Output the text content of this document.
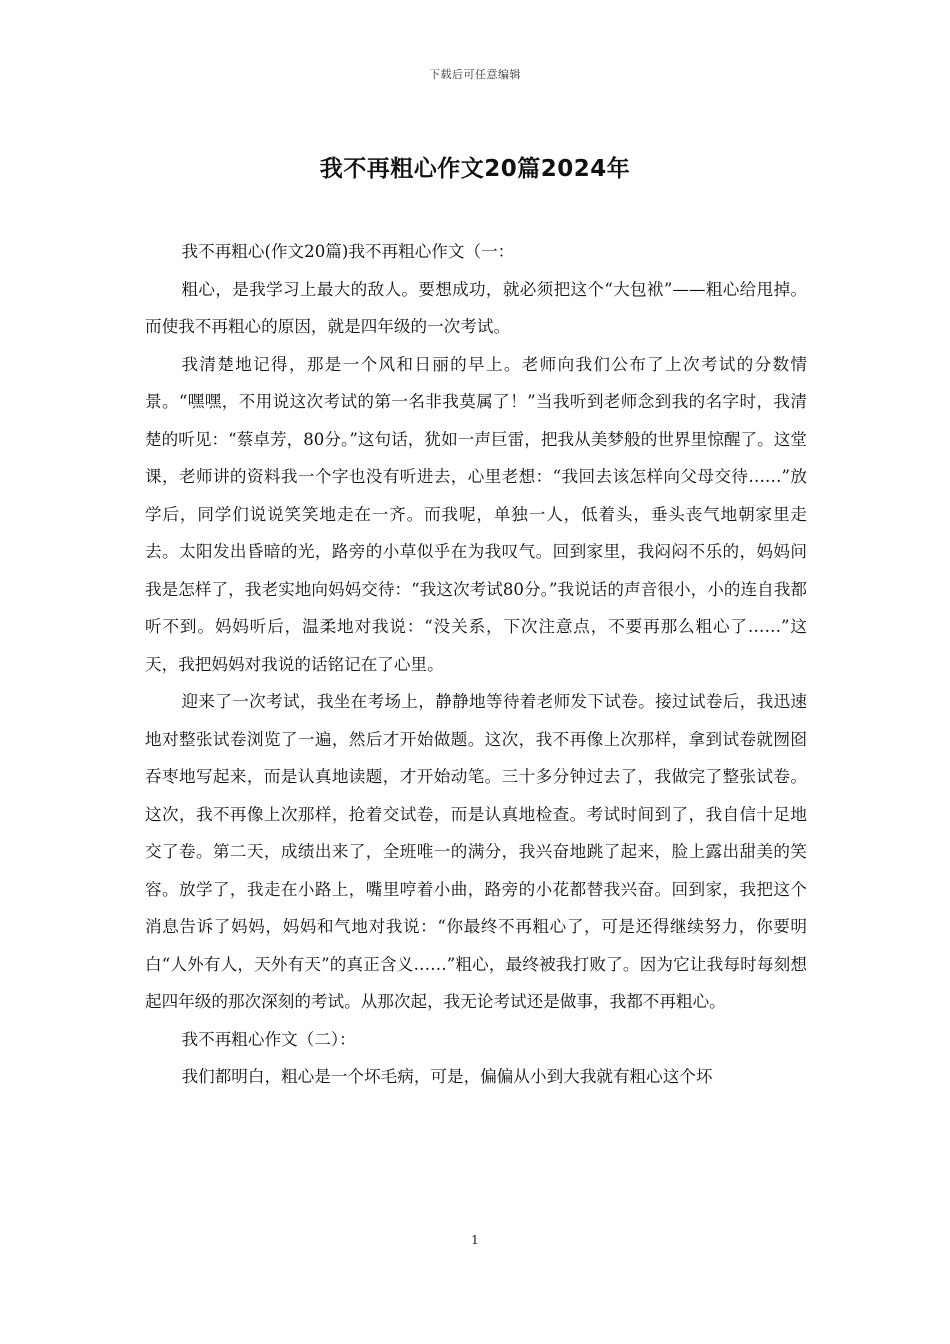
下载后可任意编辑
我不再粗心作文20篇2024年

我不再粗心(作文20篇)我不再粗心作文（一：

粗心，是我学习上最大的敌人。要想成功，就必须把这个“大包袱”——粗心给甩掉。而使我不再粗心的原因，就是四年级的一次考试。

我清楚地记得，那是一个风和日丽的早上。老师向我们公布了上次考试的分数情景。“嘿嘿，不用说这次考试的第一名非我莫属了！”当我听到老师念到我的名字时，我清楚的听见：“蔡卓芳，80分。”这句话，犹如一声巨雷，把我从美梦般的世界里惊醒了。这堂课，老师讲的资料我一个字也没有听进去，心里老想：“我回去该怎样向父母交待……”放学后，同学们说说笑笑地走在一齐。而我呢，单独一人，低着头，垂头丧气地朝家里走去。太阳发出昏暗的光，路旁的小草似乎在为我叹气。回到家里，我闷闷不乐的，妈妈问我是怎样了，我老实地向妈妈交待：“我这次考试80分。”我说话的声音很小，小的连自我都听不到。妈妈听后，温柔地对我说：“没关系，下次注意点，不要再那么粗心了……”这天，我把妈妈对我说的话铭记在了心里。

迎来了一次考试，我坐在考场上，静静地等待着老师发下试卷。接过试卷后，我迅速地对整张试卷浏览了一遍，然后才开始做题。这次，我不再像上次那样，拿到试卷就囫囵吞枣地写起来，而是认真地读题，才开始动笔。三十多分钟过去了，我做完了整张试卷。这次，我不再像上次那样，抢着交试卷，而是认真地检查。考试时间到了，我自信十足地交了卷。第二天，成绩出来了，全班唯一的满分，我兴奋地跳了起来，脸上露出甜美的笑容。放学了，我走在小路上，嘴里哼着小曲，路旁的小花都替我兴奋。回到家，我把这个消息告诉了妈妈，妈妈和气地对我说：“你最终不再粗心了，可是还得继续努力，你要明白“人外有人，天外有天”的真正含义……”粗心，最终被我打败了。因为它让我每时每刻想起四年级的那次深刻的考试。从那次起，我无论考试还是做事，我都不再粗心。

我不再粗心作文（二）：

我们都明白，粗心是一个坏毛病，可是，偏偏从小到大我就有粗心这个坏

1
